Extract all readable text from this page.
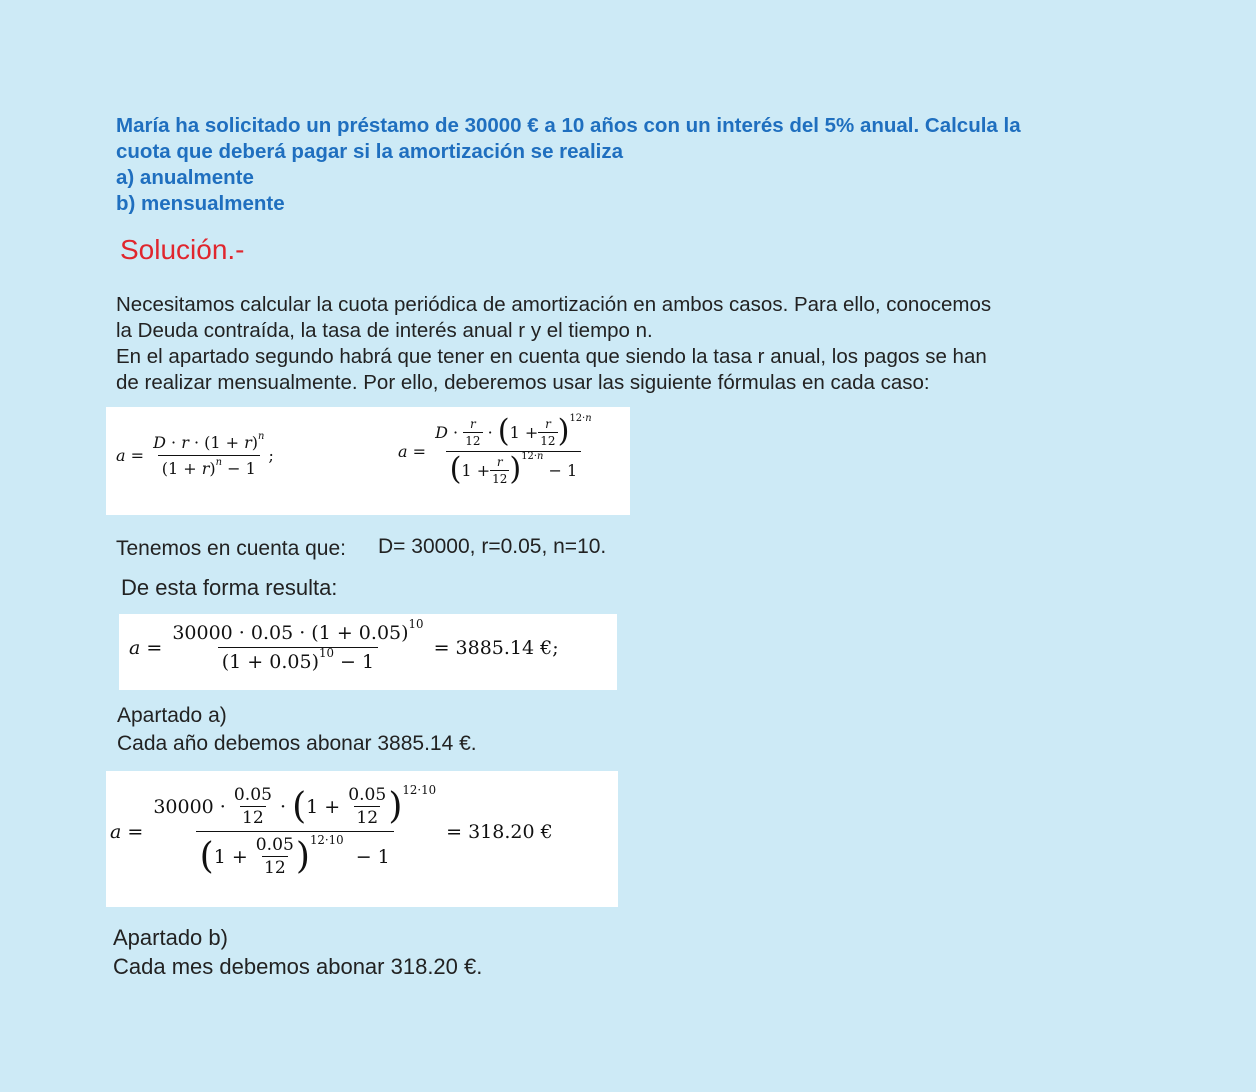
María ha solicitado un préstamo de 30000 € a 10 años con un interés del 5% anual. Calcula la
cuota que deberá pagar si la amortización se realiza
a) anualmente
b) mensualmente
Solución.-
Necesitamos calcular la cuota periódica de amortización en ambos casos. Para ello, conocemos
la Deuda contraída, la tasa de interés anual r y el tiempo n.
En el apartado segundo habrá que tener en cuenta que siendo la tasa r anual, los pagos se han
de realizar mensualmente. Por ello, deberemos usar las siguiente fórmulas en cada caso:
$a = \frac{D \cdot r \cdot (1 + r)^n}{(1 + r)^n - 1}$ ;	$a = D \cdot \frac{r}{12}$ · ( $1 + \frac{r}{12}$ ) 12·n
( $1 + \frac{r}{12}$ ) 12·n
− 1
Tenemos en cuenta que: D= 30000, r=0.05, n=10.
De esta forma resulta:
$a = \frac{30000 \cdot 0.05 \cdot (1 + 0.05)^{10}}{(1 + 0.05)^{10} - 1}$
= 3885.14 €;
Apartado a)
Cada año debemos abonar 3885.14 €.
a =
$30000 \cdot \frac{0.05}{12}$ · ( $1 + \frac{0.05}{12}$ ) 12·10
( $1 + \frac{0.05}{12}$ ) 12·10
− 1

= 318.20 €
Apartado b)
Cada mes debemos abonar 318.20 €.
